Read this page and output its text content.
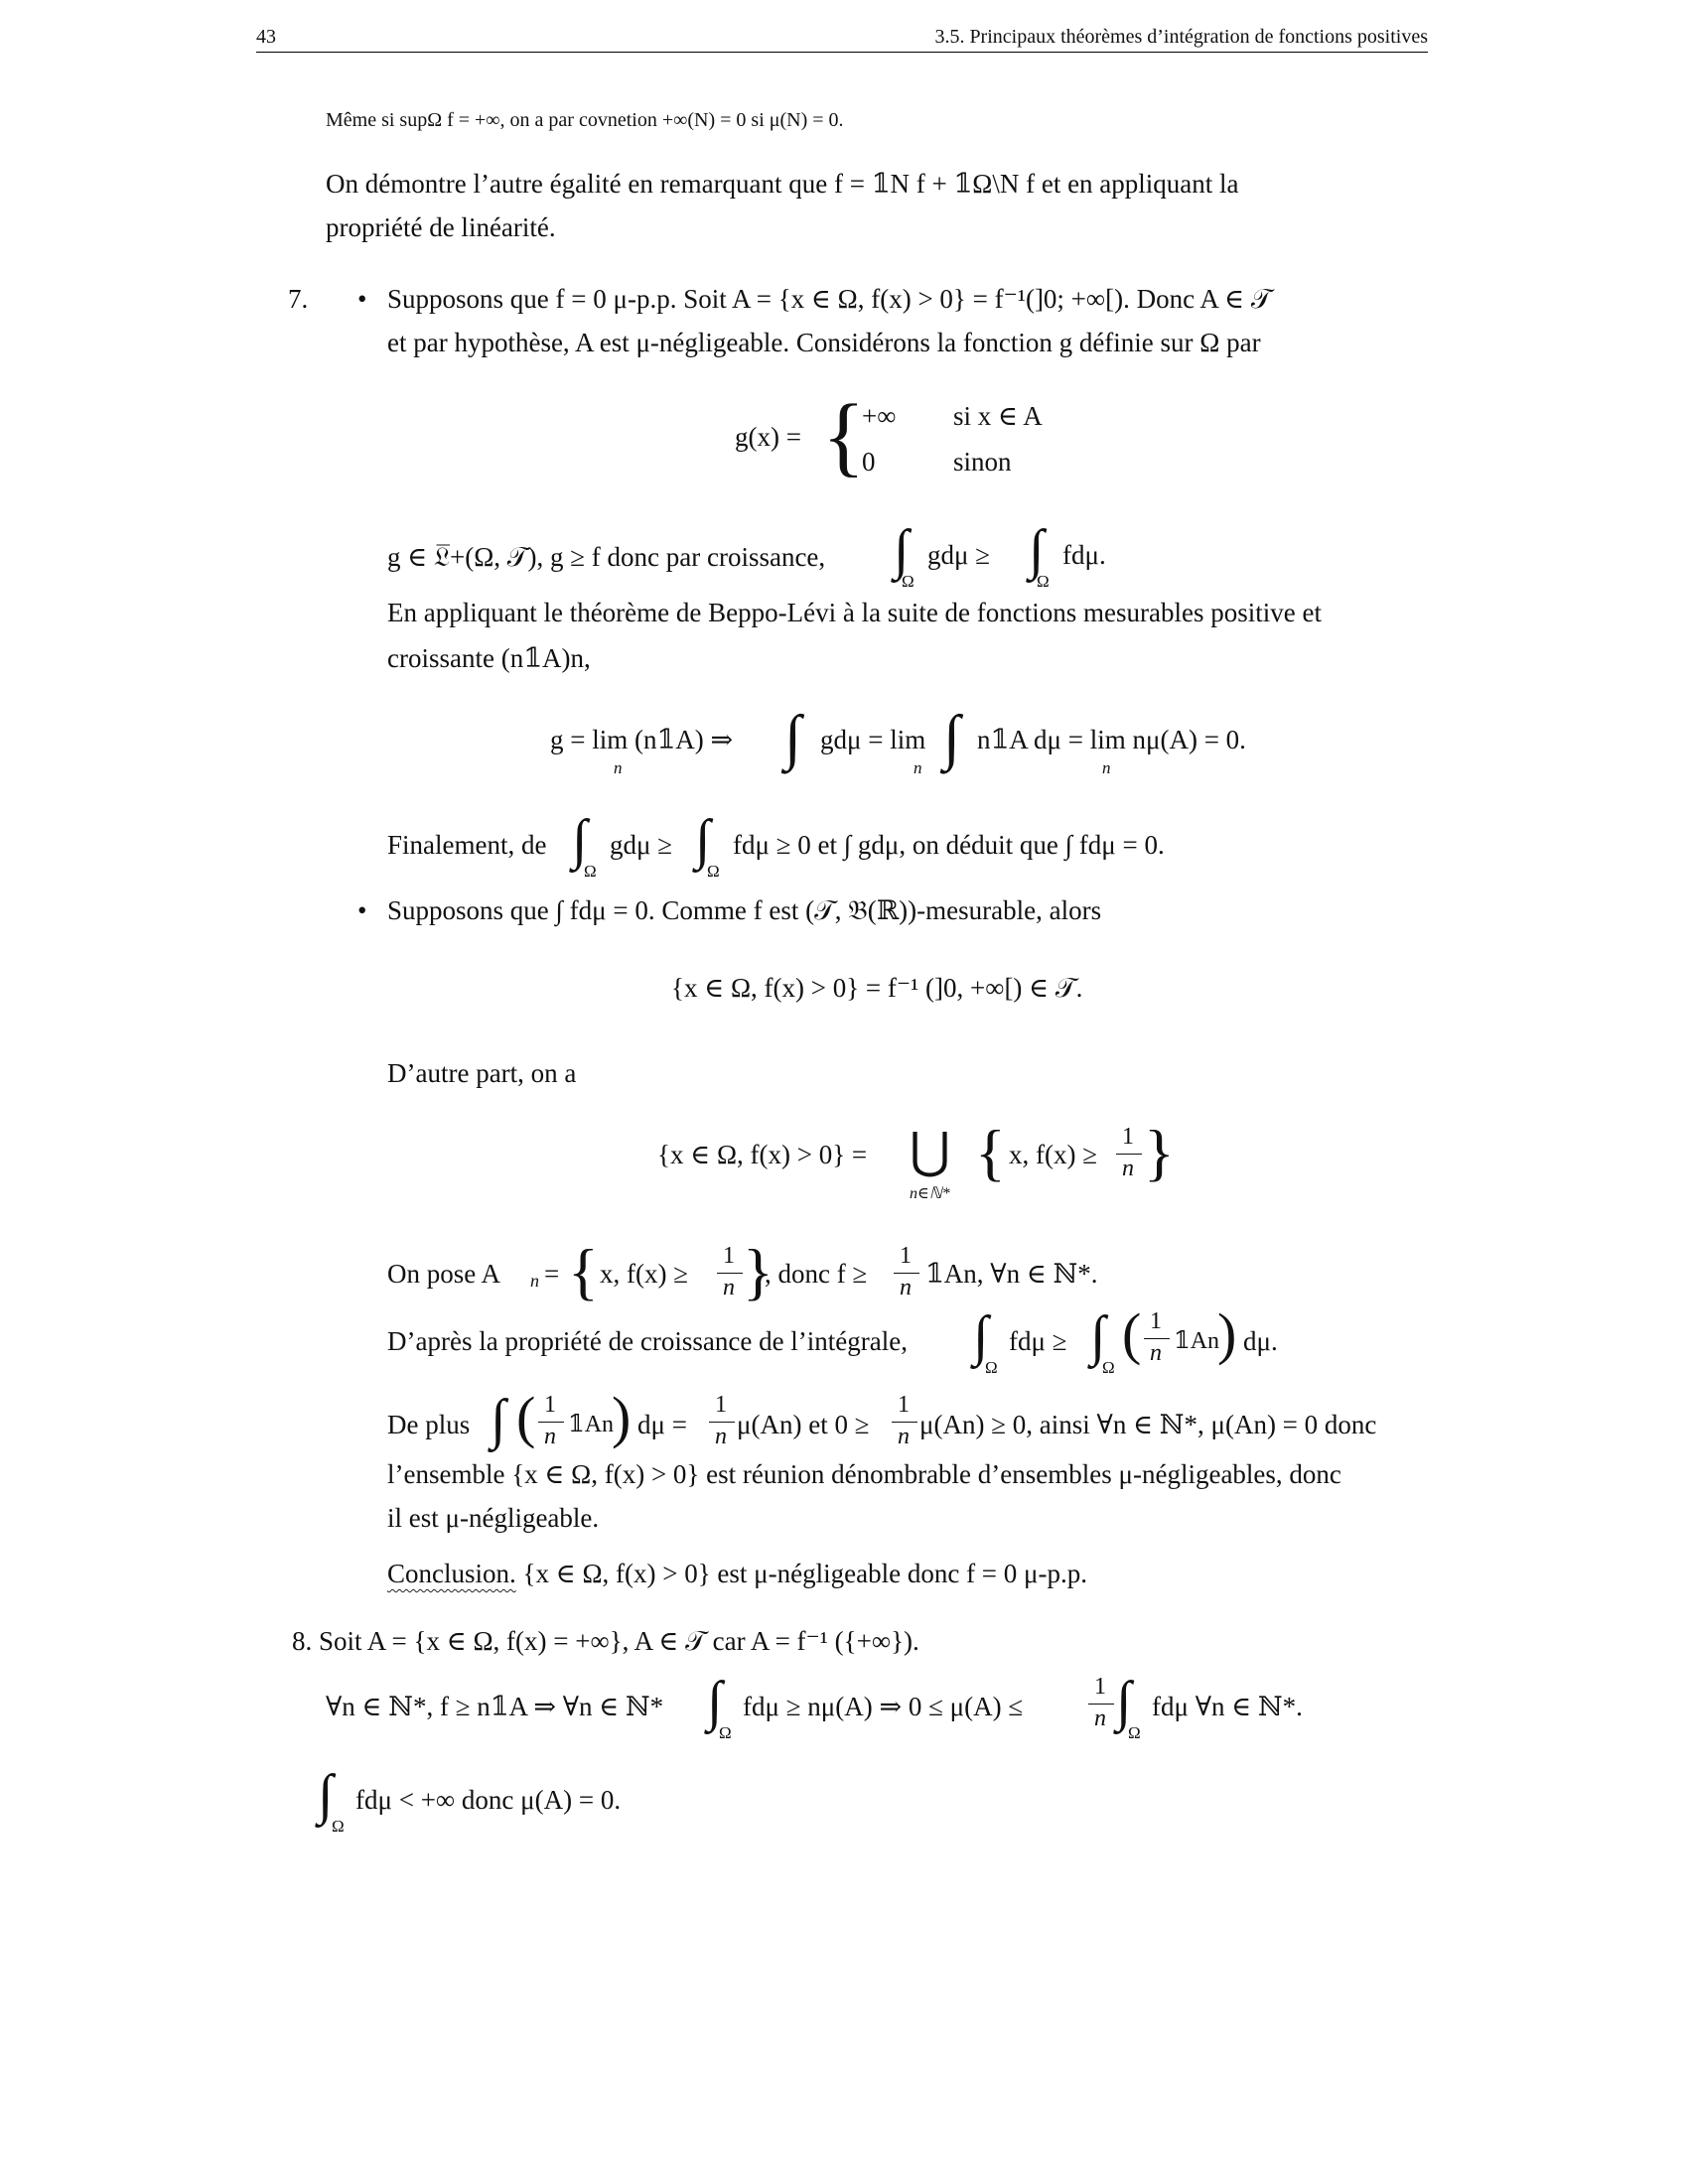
43	3.5. Principaux théorèmes d’intégration de fonctions positives
Même si supΩ f = +∞, on a par covnetion +∞(N) = 0 si μ(N) = 0.
On démontre l’autre égalité en remarquant que f = 𝟙N f + 𝟙Ω\N f et en appliquant la
propriété de linéarité.
7. • Supposons que f = 0 μ-p.p. Soit A = {x ∈ Ω, f(x) > 0} = f⁻¹(]0; +∞[). Donc A ∈ 𝒯
et par hypothèse, A est μ-négligeable. Considérons la fonction g définie sur Ω par
g(x) = {
+∞ si x ∈ A
0	sinon
g ∈ 𝔏̅+(Ω, 𝒯), g ≥ f donc par croissance, ∫
Ω
gdμ ≥ ∫
Ω
fdμ.
En appliquant le théorème de Beppo-Lévi à la suite de fonctions mesurables positive et
croissante (n𝟙A)n,
g = lim (n𝟙A) ⇒
n	∫ gdμ = lim
n ∫ n𝟙A dμ = lim nμ(A) = 0.
n
Finalement, de ∫
Ω
gdμ ≥ ∫
Ω
fdμ ≥ 0 et ∫ gdμ, on déduit que ∫ fdμ = 0.
• Supposons que ∫ fdμ = 0. Comme f est (𝒯, 𝔅(ℝ))-mesurable, alors
{x ∈ Ω, f(x) > 0} = f⁻¹ (]0, +∞[) ∈ 𝒯.
D’autre part, on a
{x ∈ Ω, f(x) > 0} = ⋃
n∈ℕ*
{ x, f(x) ≥
1
n }
On pose A n = { x, f(x) ≥
1
n }
, donc f ≥
1
n 𝟙An, ∀n ∈ ℕ*.
D’après la propriété de croissance de l’intégrale, ∫
Ω
fdμ ≥ ∫
Ω
( 1
n 𝟙An
) dμ.
De plus ∫ ( 1
n 𝟙An
) dμ =
1
n μ(An) et 0 ≥
1
n μ(An) ≥ 0, ainsi ∀n ∈ ℕ*, μ(An) = 0 donc
l’ensemble {x ∈ Ω, f(x) > 0} est réunion dénombrable d’ensembles μ-négligeables, donc
il est μ-négligeable.
Conclusion. {x ∈ Ω, f(x) > 0} est μ-négligeable donc f = 0 μ-p.p.
8. Soit A = {x ∈ Ω, f(x) = +∞}, A ∈ 𝒯 car A = f⁻¹ ({+∞}).
∀n ∈ ℕ*, f ≥ n𝟙A ⇒ ∀n ∈ ℕ* ∫
Ω
fdμ ≥ nμ(A) ⇒ 0 ≤ μ(A) ≤
1
n ∫
Ω
fdμ ∀n ∈ ℕ*.
∫
Ω
fdμ < +∞ donc μ(A) = 0.
